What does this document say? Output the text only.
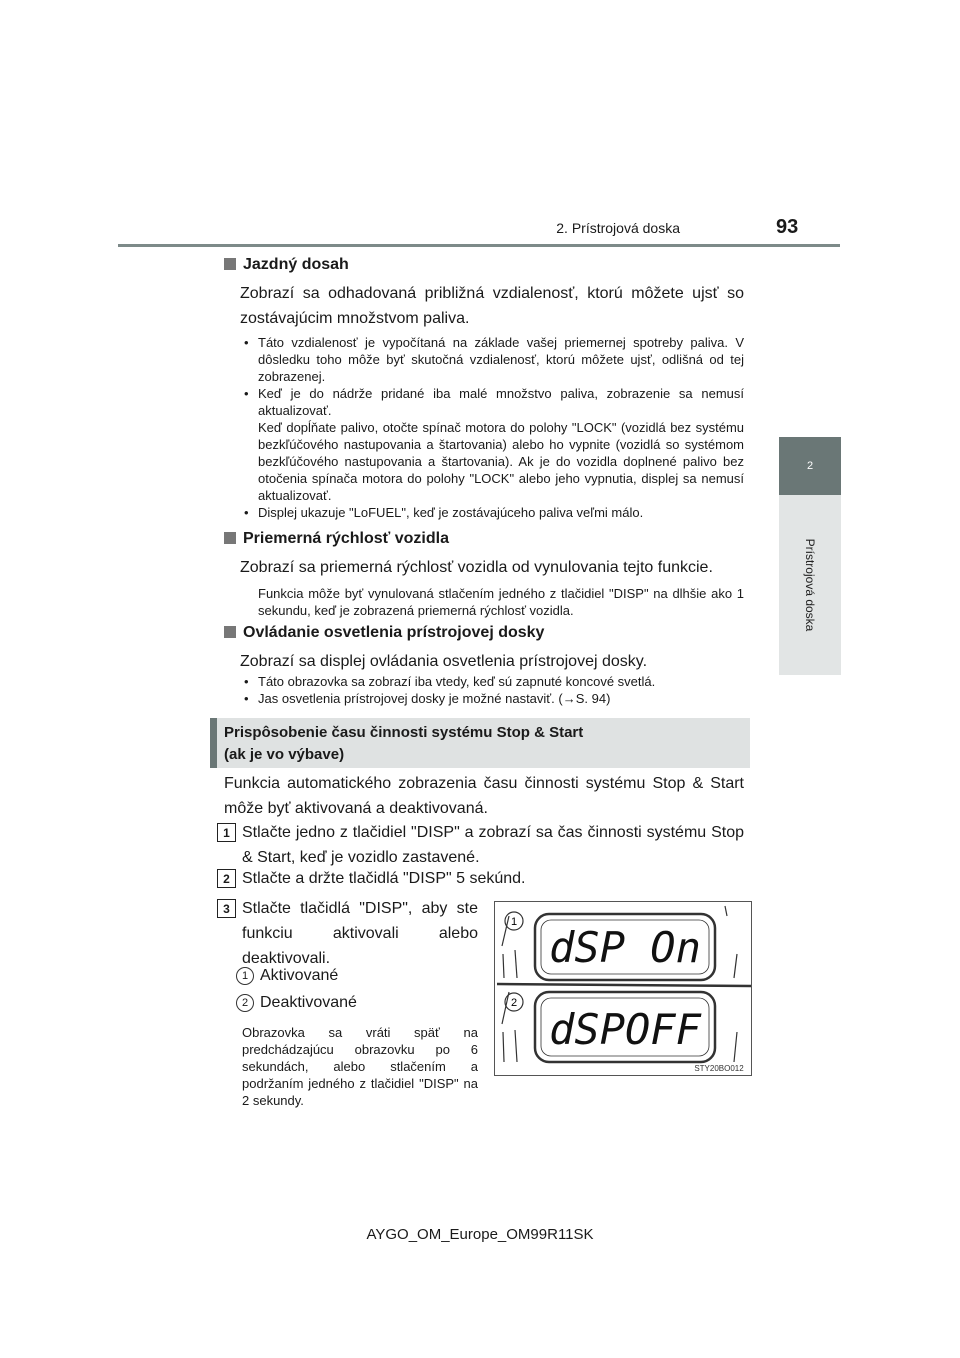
2. Prístrojová doska	93
2
Prístrojová doska
Jazdný dosah
Zobrazí sa odhadovaná približná vzdialenosť, ktorú môžete ujsť so zostávajúcim množstvom paliva.
• Táto vzdialenosť je vypočítaná na základe vašej priemernej spotreby paliva. V dôsledku toho môže byť skutočná vzdialenosť, ktorú môžete ujsť, odlišná od tej zobrazenej.
• Keď je do nádrže pridané iba malé množstvo paliva, zobrazenie sa nemusí aktualizovať.
Keď dopĺňate palivo, otočte spínač motora do polohy "LOCK" (vozidlá bez systému bezkľúčového nastupovania a štartovania) alebo ho vypnite (vozidlá so systémom bezkľúčového nastupovania a štartovania). Ak je do vozidla doplnené palivo bez otočenia spínača motora do polohy "LOCK" alebo jeho vypnutia, displej sa nemusí aktualizovať.
• Displej ukazuje "LoFUEL", keď je zostávajúceho paliva veľmi málo.
Priemerná rýchlosť vozidla
Zobrazí sa priemerná rýchlosť vozidla od vynulovania tejto funkcie.
Funkcia môže byť vynulovaná stlačením jedného z tlačidiel "DISP" na dlhšie ako 1 sekundu, keď je zobrazená priemerná rýchlosť vozidla.
Ovládanie osvetlenia prístrojovej dosky
Zobrazí sa displej ovládania osvetlenia prístrojovej dosky.
• Táto obrazovka sa zobrazí iba vtedy, keď sú zapnuté koncové svetlá.
• Jas osvetlenia prístrojovej dosky je možné nastaviť. (→S. 94)
Prispôsobenie času činnosti systému Stop & Start
(ak je vo výbave)
Funkcia automatického zobrazenia času činnosti systému Stop & Start môže byť aktivovaná a deaktivovaná.
1 Stlačte jedno z tlačidiel "DISP" a zobrazí sa čas činnosti systému Stop & Start, keď je vozidlo zastavené.
2 Stlačte a držte tlačidlá "DISP" 5 sekúnd.
3 Stlačte tlačidlá "DISP", aby ste funkciu aktivovali alebo deaktivovali.
1 Aktivované
2 Deaktivované
Obrazovka sa vráti späť na predchádzajúcu obrazovku po 6 sekundách, alebo stlačením a podržaním jedného z tlačidiel "DISP" na 2 sekundy.
1
2
dSP On
dSPOFF
STY20BO012
AYGO_OM_Europe_OM99R11SK
